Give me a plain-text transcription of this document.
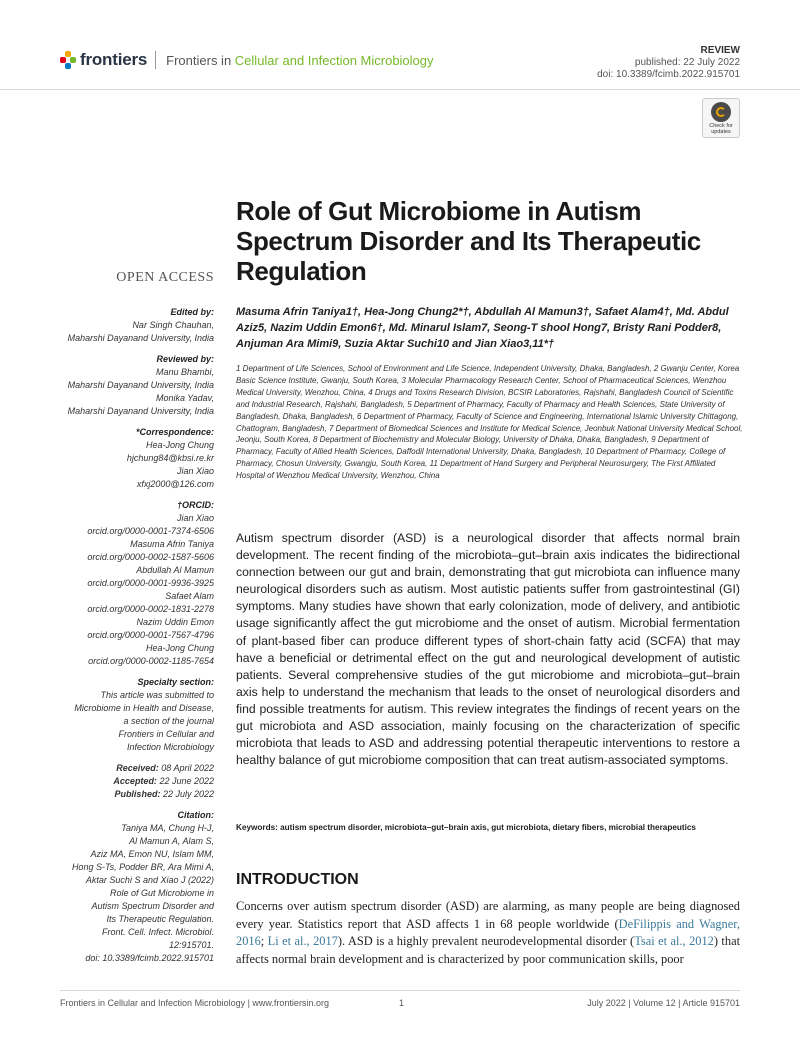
frontiers Frontiers in Cellular and Infection Microbiology
REVIEW
published: 22 July 2022
doi: 10.3389/fcimb.2022.915701
Check for updates
OPEN ACCESS
Edited by:
Nar Singh Chauhan,
Maharshi Dayanand University, India
Reviewed by:
Manu Bhambi,
Maharshi Dayanand University, India
Monika Yadav,
Maharshi Dayanand University, India
*Correspondence:
Hea-Jong Chung
hjchung84@kbsi.re.kr
Jian Xiao
xfxj2000@126.com
†ORCID:
Jian Xiao
orcid.org/0000-0001-7374-6506
Masuma Afrin Taniya
orcid.org/0000-0002-1587-5606
Abdullah Al Mamun
orcid.org/0000-0001-9936-3925
Safaet Alam
orcid.org/0000-0002-1831-2278
Nazim Uddin Emon
orcid.org/0000-0001-7567-4796
Hea-Jong Chung
orcid.org/0000-0002-1185-7654
Specialty section:
This article was submitted to
Microbiome in Health and Disease,
a section of the journal
Frontiers in Cellular and
Infection Microbiology
Received: 08 April 2022
Accepted: 22 June 2022
Published: 22 July 2022
Citation:
Taniya MA, Chung H-J,
Al Mamun A, Alam S,
Aziz MA, Emon NU, Islam MM,
Hong S-Ts, Podder BR, Ara Mimi A,
Aktar Suchi S and Xiao J (2022)
Role of Gut Microbiome in
Autism Spectrum Disorder and
Its Therapeutic Regulation.
Front. Cell. Infect. Microbiol. 12:915701.
doi: 10.3389/fcimb.2022.915701
Role of Gut Microbiome in Autism Spectrum Disorder and Its Therapeutic Regulation
Masuma Afrin Taniya1†, Hea-Jong Chung2*†, Abdullah Al Mamun3†, Safaet Alam4†, Md. Abdul Aziz5, Nazim Uddin Emon6†, Md. Minarul Islam7, Seong-T shool Hong7, Bristy Rani Podder8, Anjuman Ara Mimi9, Suzia Aktar Suchi10 and Jian Xiao3,11*†
1 Department of Life Sciences, School of Environment and Life Science, Independent University, Dhaka, Bangladesh, 2 Gwanju Center, Korea Basic Science Institute, Gwanju, South Korea, 3 Molecular Pharmacology Research Center, School of Pharmaceutical Sciences, Wenzhou Medical University, Wenzhou, China, 4 Drugs and Toxins Research Division, BCSIR Laboratories, Rajshahi, Bangladesh Council of Scientific and Industrial Research, Rajshahi, Bangladesh, 5 Department of Pharmacy, Faculty of Pharmacy and Health Sciences, State University of Bangladesh, Dhaka, Bangladesh, 6 Department of Pharmacy, Faculty of Science and Engineering, International Islamic University Chittagong, Chattogram, Bangladesh, 7 Department of Biomedical Sciences and Institute for Medical Science, Jeonbuk National University Medical School, Jeonju, South Korea, 8 Department of Biochemistry and Molecular Biology, University of Dhaka, Dhaka, Bangladesh, 9 Department of Pharmacy, Faculty of Allied Health Sciences, Daffodil International University, Dhaka, Bangladesh, 10 Department of Pharmacy, College of Pharmacy, Chosun University, Gwangju, South Korea, 11 Department of Hand Surgery and Peripheral Neurosurgery, The First Affiliated Hospital of Wenzhou Medical University, Wenzhou, China
Autism spectrum disorder (ASD) is a neurological disorder that affects normal brain development. The recent finding of the microbiota–gut–brain axis indicates the bidirectional connection between our gut and brain, demonstrating that gut microbiota can influence many neurological disorders such as autism. Most autistic patients suffer from gastrointestinal (GI) symptoms. Many studies have shown that early colonization, mode of delivery, and antibiotic usage significantly affect the gut microbiome and the onset of autism. Microbial fermentation of plant-based fiber can produce different types of short-chain fatty acid (SCFA) that may have a beneficial or detrimental effect on the gut and neurological development of autistic patients. Several comprehensive studies of the gut microbiome and microbiota–gut–brain axis help to understand the mechanism that leads to the onset of neurological disorders and find possible treatments for autism. This review integrates the findings of recent years on the gut microbiota and ASD association, mainly focusing on the characterization of specific microbiota that leads to ASD and addressing potential therapeutic interventions to restore a healthy balance of gut microbiome composition that can treat autism-associated symptoms.
Keywords: autism spectrum disorder, microbiota–gut–brain axis, gut microbiota, dietary fibers, microbial therapeutics
INTRODUCTION
Concerns over autism spectrum disorder (ASD) are alarming, as many people are being diagnosed every year. Statistics report that ASD affects 1 in 68 people worldwide (DeFilippis and Wagner, 2016; Li et al., 2017). ASD is a highly prevalent neurodevelopmental disorder (Tsai et al., 2012) that affects normal brain development and is characterized by poor communication skills, poor
Frontiers in Cellular and Infection Microbiology | www.frontiersin.org	1	July 2022 | Volume 12 | Article 915701
